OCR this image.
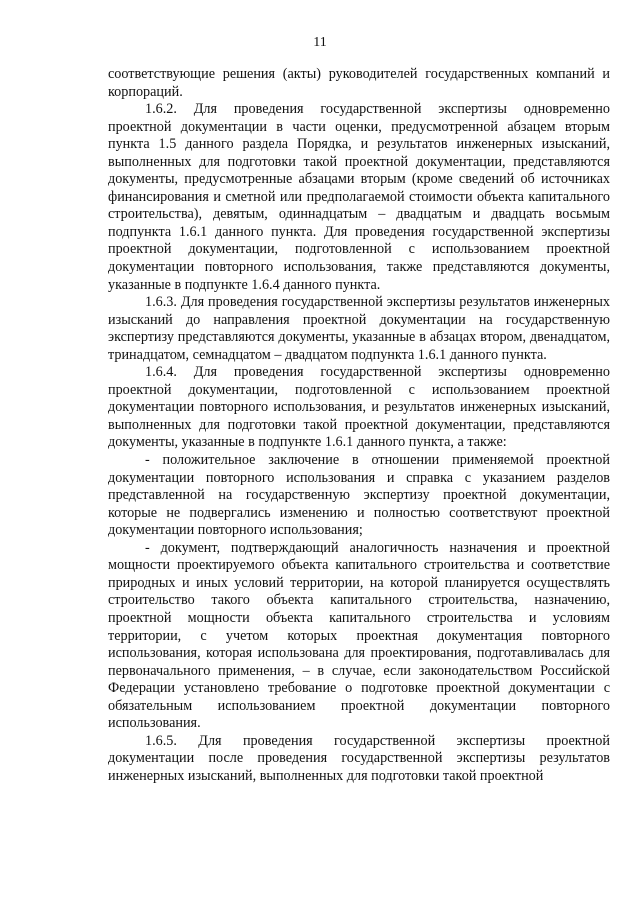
11

соответствующие решения (акты) руководителей государственных компаний и корпораций.

1.6.2. Для проведения государственной экспертизы одновременно проектной документации в части оценки, предусмотренной абзацем вторым пункта 1.5 данного раздела Порядка, и результатов инженерных изысканий, выполненных для подготовки такой проектной документации, представляются документы, предусмотренные абзацами вторым (кроме сведений об источниках финансирования и сметной или предполагаемой стоимости объекта капитального строительства), девятым, одиннадцатым – двадцатым и двадцать восьмым подпункта 1.6.1 данного пункта. Для проведения государственной экспертизы проектной документации, подготовленной с использованием проектной документации повторного использования, также представляются документы, указанные в подпункте 1.6.4 данного пункта.

1.6.3. Для проведения государственной экспертизы результатов инженерных изысканий до направления проектной документации на государственную экспертизу представляются документы, указанные в абзацах втором, двенадцатом, тринадцатом, семнадцатом – двадцатом подпункта 1.6.1 данного пункта.

1.6.4. Для проведения государственной экспертизы одновременно проектной документации, подготовленной с использованием проектной документации повторного использования, и результатов инженерных изысканий, выполненных для подготовки такой проектной документации, представляются документы, указанные в подпункте 1.6.1 данного пункта, а также:

- положительное заключение в отношении применяемой проектной документации повторного использования и справка с указанием разделов представленной на государственную экспертизу проектной документации, которые не подвергались изменению и полностью соответствуют проектной документации повторного использования;

- документ, подтверждающий аналогичность назначения и проектной мощности проектируемого объекта капитального строительства и соответствие природных и иных условий территории, на которой планируется осуществлять строительство такого объекта капитального строительства, назначению, проектной мощности объекта капитального строительства и условиям территории, с учетом которых проектная документация повторного использования, которая использована для проектирования, подготавливалась для первоначального применения, – в случае, если законодательством Российской Федерации установлено требование о подготовке проектной документации с обязательным использованием проектной документации повторного использования.

1.6.5. Для проведения государственной экспертизы проектной документации после проведения государственной экспертизы результатов инженерных изысканий, выполненных для подготовки такой проектной
